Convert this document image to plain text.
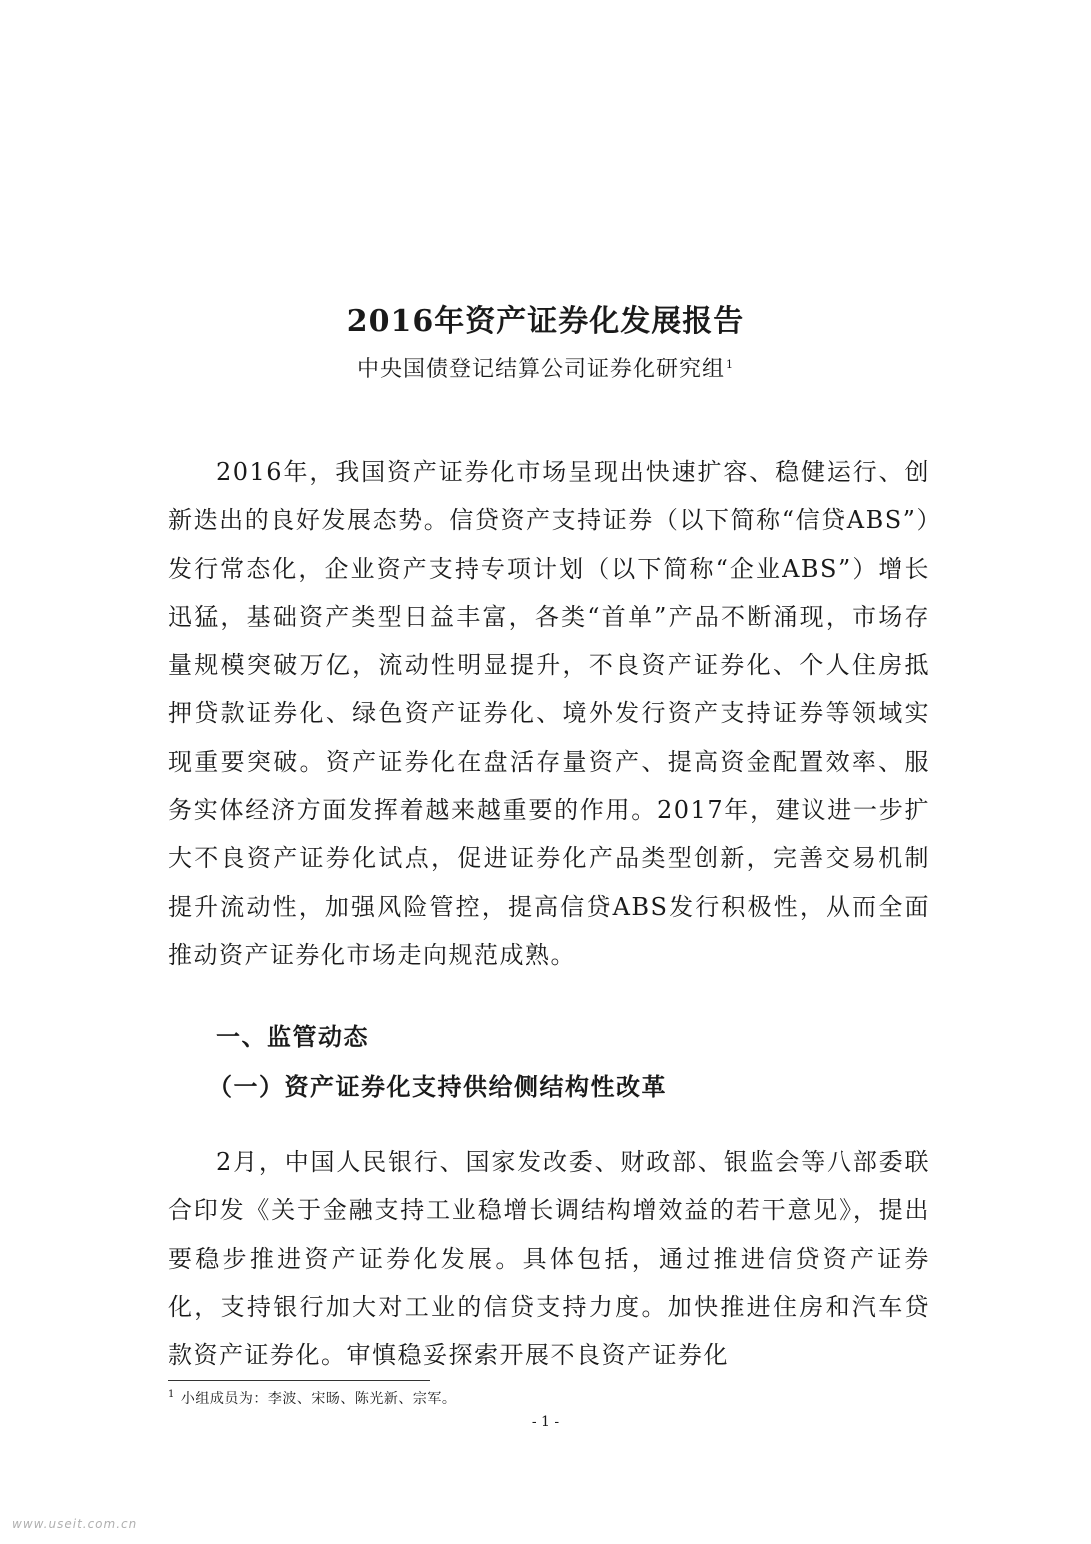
2016年资产证券化发展报告
中央国债登记结算公司证券化研究组$^1$

2016年，我国资产证券化市场呈现出快速扩容、稳健运行、创新迭出的良好发展态势。信贷资产支持证券（以下简称“信贷ABS”）发行常态化，企业资产支持专项计划（以下简称“企业ABS”）增长迅猛，基础资产类型日益丰富，各类“首单”产品不断涌现，市场存量规模突破万亿，流动性明显提升，不良资产证券化、个人住房抵押贷款证券化、绿色资产证券化、境外发行资产支持证券等领域实现重要突破。资产证券化在盘活存量资产、提高资金配置效率、服务实体经济方面发挥着越来越重要的作用。2017年，建议进一步扩大不良资产证券化试点，促进证券化产品类型创新，完善交易机制提升流动性，加强风险管控，提高信贷ABS发行积极性，从而全面推动资产证券化市场走向规范成熟。

一、监管动态
（一）资产证券化支持供给侧结构性改革

2月，中国人民银行、国家发改委、财政部、银监会等八部委联合印发《关于金融支持工业稳增长调结构增效益的若干意见》，提出要稳步推进资产证券化发展。具体包括，通过推进信贷资产证券化，支持银行加大对工业的信贷支持力度。加快推进住房和汽车贷款资产证券化。审慎稳妥探索开展不良资产证券化

$^1$ 小组成员为：李波、宋旸、陈光新、宗军。
- 1 -
www.useit.com.cn
